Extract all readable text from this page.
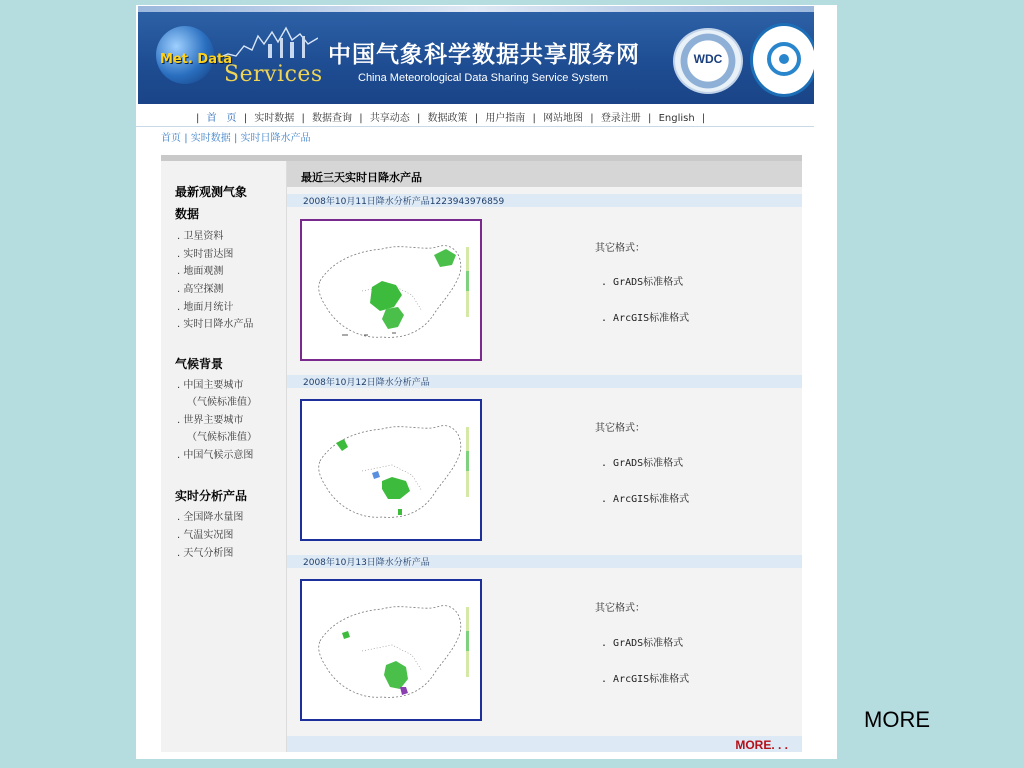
Met. Data
Services
中国气象科学数据共享服务网
China Meteorological Data Sharing Service System
WDC
| 首　页 | 实时数据 | 数据查询 | 共享动态 | 数据政策 | 用户指南 | 网站地图 | 登录注册 | English |
首页 | 实时数据 | 实时日降水产品
最新观测气象
数据
. 卫星资料
. 实时雷达图
. 地面观测
. 高空探测
. 地面月统计
. 实时日降水产品
气候背景
. 中国主要城市
（气候标准值）
. 世界主要城市
（气候标准值）
. 中国气候示意图
实时分析产品
. 全国降水量图
. 气温实况图
. 天气分析图
最近三天实时日降水产品
2008年10月11日降水分析产品1223943976859
其它格式：
. GrADS标准格式
. ArcGIS标准格式
2008年10月12日降水分析产品
其它格式：
. GrADS标准格式
. ArcGIS标准格式
2008年10月13日降水分析产品
其它格式：
. GrADS标准格式
. ArcGIS标准格式
MORE. . .
MORE
